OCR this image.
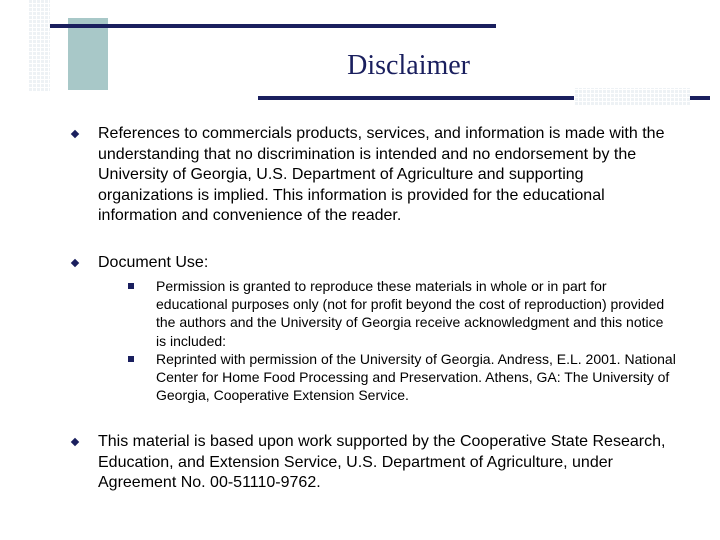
Disclaimer
References to commercials products, services, and information is made with the understanding that no discrimination is intended and no endorsement by the University of Georgia, U.S. Department of Agriculture and supporting organizations is implied. This information is provided for the educational information and convenience of the reader.
Document Use:
Permission is granted to reproduce these materials in whole or in part for educational purposes only (not for profit beyond the cost of reproduction) provided the authors and the University of Georgia receive acknowledgment and this notice is included:
Reprinted with permission of the University of Georgia. Andress, E.L. 2001. National Center for Home Food Processing and Preservation. Athens, GA: The University of Georgia, Cooperative Extension Service.
This material is based upon work supported by the Cooperative State Research, Education, and Extension Service, U.S. Department of Agriculture, under Agreement No. 00-51110-9762.
